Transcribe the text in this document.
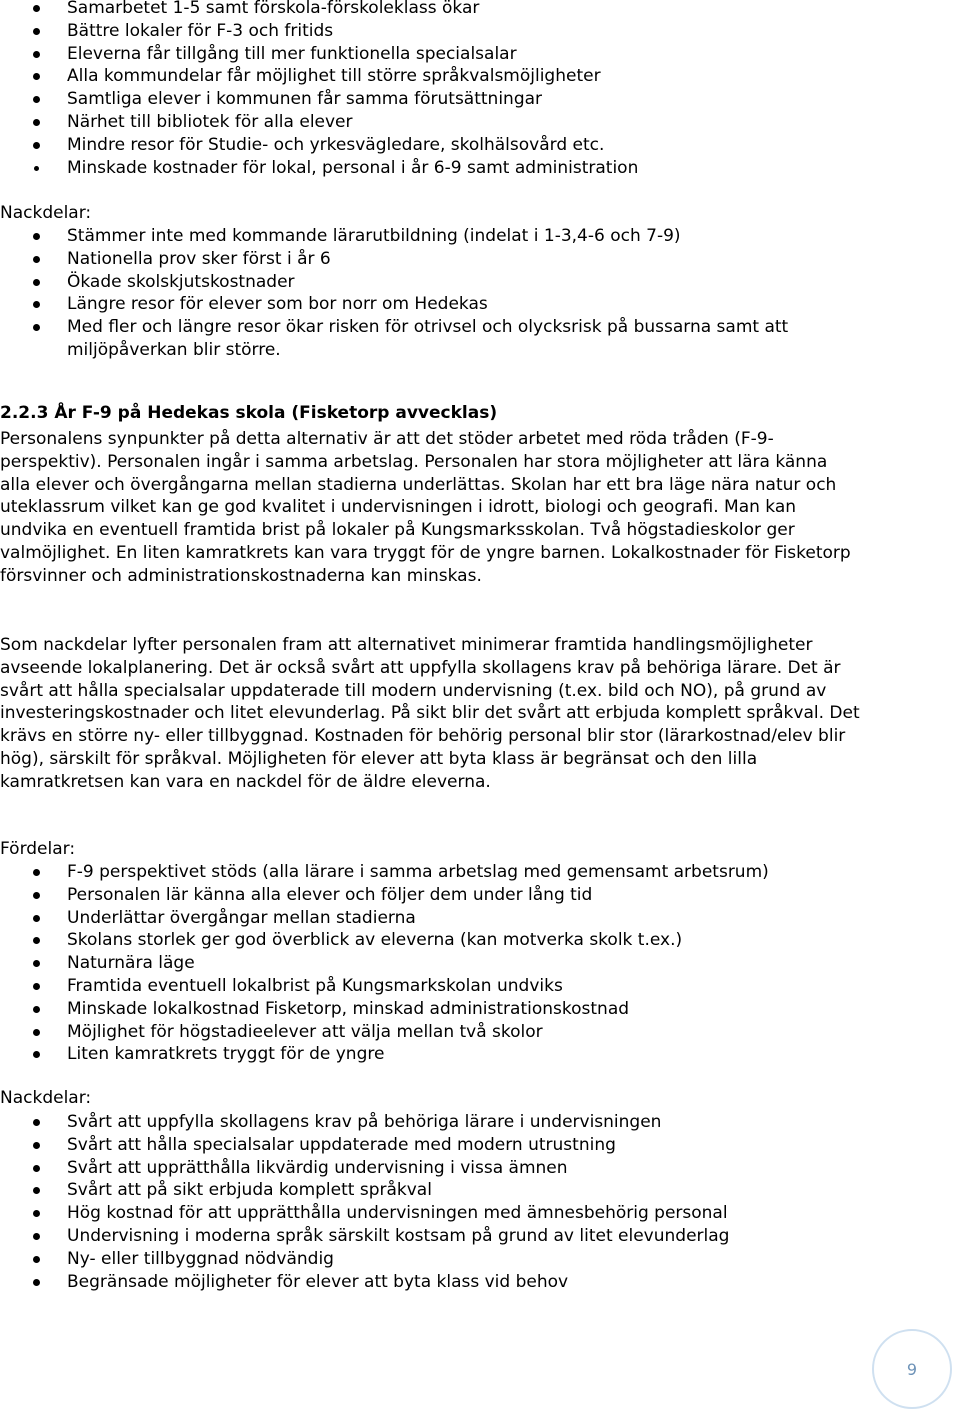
Samarbetet 1-5 samt förskola-förskoleklass ökar
Bättre lokaler för F-3 och fritids
Eleverna får tillgång till mer funktionella specialsalar
Alla kommundelar får möjlighet till större språkvalsmöjligheter
Samtliga elever i kommunen får samma förutsättningar
Närhet till bibliotek för alla elever
Mindre resor för Studie- och yrkesvägledare, skolhälsovård etc.
Minskade kostnader för lokal, personal i år 6-9 samt administration
Nackdelar:
Stämmer inte med kommande lärarutbildning (indelat i 1-3,4-6 och 7-9)
Nationella prov sker först i år 6
Ökade skolskjutskostnader
Längre resor för elever som bor norr om Hedekas
Med fler och längre resor ökar risken för otrivsel och olycksrisk på bussarna samt att miljöpåverkan blir större.
2.2.3 År F-9 på Hedekas skola (Fisketorp avvecklas)
Personalens synpunkter på detta alternativ är att det stöder arbetet med röda tråden (F-9-perspektiv). Personalen ingår i samma arbetslag. Personalen har stora möjligheter att lära känna alla elever och övergångarna mellan stadierna underlättas. Skolan har ett bra läge nära natur och uteklassrum vilket kan ge god kvalitet i undervisningen i idrott, biologi och geografi. Man kan undvika en eventuell framtida brist på lokaler på Kungsmarksskolan. Två högstadieskolor ger valmöjlighet. En liten kamratkrets kan vara tryggt för de yngre barnen. Lokalkostnader för Fisketorp försvinner och administrationskostnaderna kan minskas.
Som nackdelar lyfter personalen fram att alternativet minimerar framtida handlingsmöjligheter avseende lokalplanering. Det är också svårt att uppfylla skollagens krav på behöriga lärare. Det är svårt att hålla specialsalar uppdaterade till modern undervisning (t.ex. bild och NO), på grund av investeringskostnader och litet elevunderlag. På sikt blir det svårt att erbjuda komplett språkval. Det krävs en större ny- eller tillbyggnad. Kostnaden för behörig personal blir stor (lärarkostnad/elev blir hög), särskilt för språkval. Möjligheten för elever att byta klass är begränsat och den lilla kamratkretsen kan vara en nackdel för de äldre eleverna.
Fördelar:
F-9 perspektivet stöds (alla lärare i samma arbetslag med gemensamt arbetsrum)
Personalen lär känna alla elever och följer dem under lång tid
Underlättar övergångar mellan stadierna
Skolans storlek ger god överblick av eleverna (kan motverka skolk t.ex.)
Naturnära läge
Framtida eventuell lokalbrist på Kungsmarkskolan undviks
Minskade lokalkostnad Fisketorp, minskad administrationskostnad
Möjlighet för högstadieelever att välja mellan två skolor
Liten kamratkrets tryggt för de yngre
Nackdelar:
Svårt att uppfylla skollagens krav på behöriga lärare i undervisningen
Svårt att hålla specialsalar uppdaterade med modern utrustning
Svårt att upprätthålla likvärdig undervisning i vissa ämnen
Svårt att på sikt erbjuda komplett språkval
Hög kostnad för att upprätthålla undervisningen med ämnesbehörig personal
Undervisning i moderna språk särskilt kostsam på grund av litet elevunderlag
Ny- eller tillbyggnad nödvändig
Begränsade möjligheter för elever att byta klass vid behov
9
